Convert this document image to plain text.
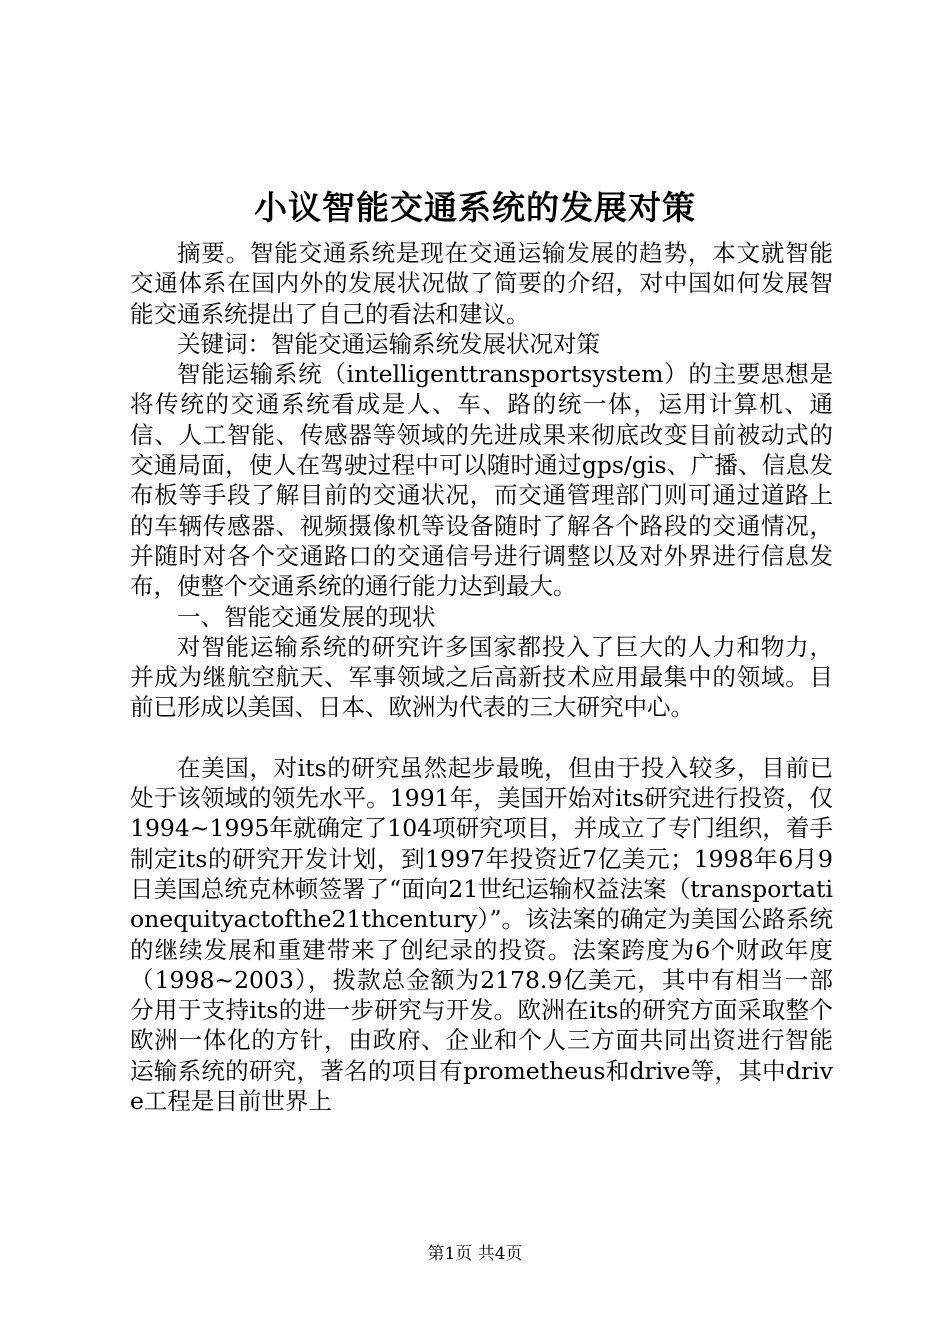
小议智能交通系统的发展对策

摘要。智能交通系统是现在交通运输发展的趋势，本文就智能交通体系在国内外的发展状况做了简要的介绍，对中国如何发展智能交通系统提出了自己的看法和建议。

关键词：智能交通运输系统发展状况对策

智能运输系统（intelligenttransportsystem）的主要思想是将传统的交通系统看成是人、车、路的统一体，运用计算机、通信、人工智能、传感器等领域的先进成果来彻底改变目前被动式的交通局面，使人在驾驶过程中可以随时通过gps/gis、广播、信息发布板等手段了解目前的交通状况，而交通管理部门则可通过道路上的车辆传感器、视频摄像机等设备随时了解各个路段的交通情况，并随时对各个交通路口的交通信号进行调整以及对外界进行信息发布，使整个交通系统的通行能力达到最大。

一、智能交通发展的现状

对智能运输系统的研究许多国家都投入了巨大的人力和物力，并成为继航空航天、军事领域之后高新技术应用最集中的领域。目前已形成以美国、日本、欧洲为代表的三大研究中心。

在美国，对its的研究虽然起步最晚，但由于投入较多，目前已处于该领域的领先水平。1991年，美国开始对its研究进行投资，仅1994~1995年就确定了104项研究项目，并成立了专门组织，着手制定its的研究开发计划，到1997年投资近7亿美元；1998年6月9日美国总统克林顿签署了“面向21世纪运输权益法案（transportationequityactofthe21thcentury）”。该法案的确定为美国公路系统的继续发展和重建带来了创纪录的投资。法案跨度为6个财政年度（1998~2003），拨款总金额为2178.9亿美元，其中有相当一部分用于支持its的进一步研究与开发。欧洲在its的研究方面采取整个欧洲一体化的方针，由政府、企业和个人三方面共同出资进行智能运输系统的研究，著名的项目有prometheus和drive等，其中drive工程是目前世界上

第1页 共4页
